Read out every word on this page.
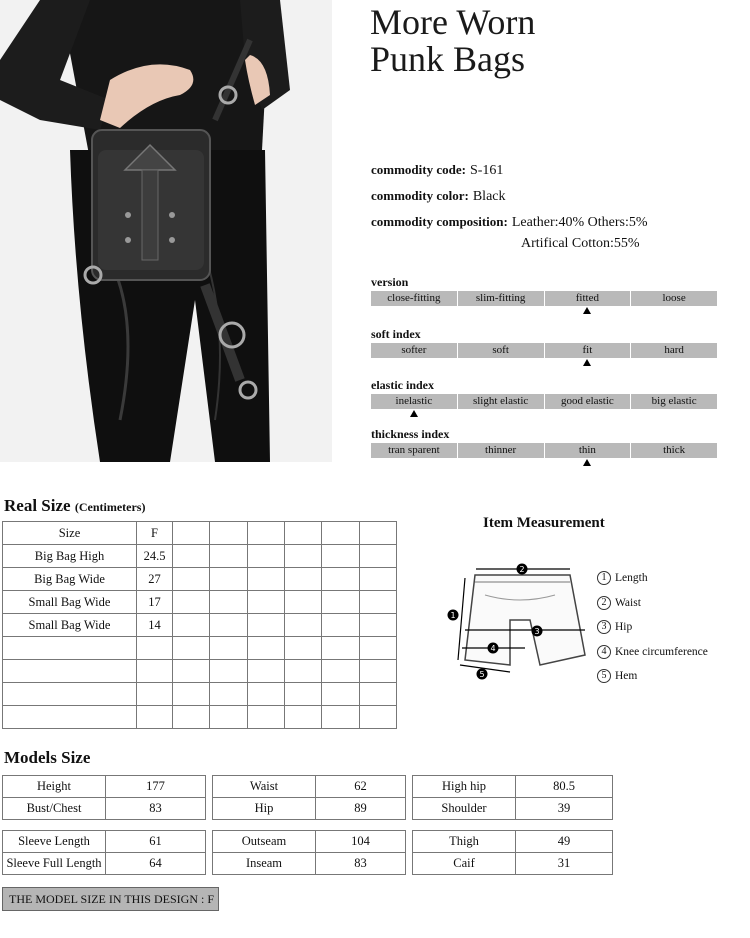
More Worn
Punk Bags
commodity code: S-161
commodity color: Black
commodity composition: Leather:40% Others:5%
Artifical Cotton:55%
version
close-fitting	slim-fitting	fitted	loose
soft index
softer	soft	fit	hard
elastic index
inelastic	slight elastic	good elastic	big elastic
thickness index
tran sparent	thinner	thin	thick
Real Size (Centimeters)
Size	F						
Big Bag High	24.5						
Big Bag Wide	27						
Small Bag Wide	17						
Small Bag Wide	14						

Item Measurement
2
3
4
1
5
1 Length
2 Waist
3 Hip
4 Knee circumference
5 Hem
Models Size
Height	177
Bust/Chest	83
Waist	62
Hip	89
High hip	80.5
Shoulder	39
Sleeve Length	61
Sleeve Full Length	64
Outseam	104
Inseam	83
Thigh	49
Caif	31
THE MODEL SIZE IN THIS DESIGN : F
